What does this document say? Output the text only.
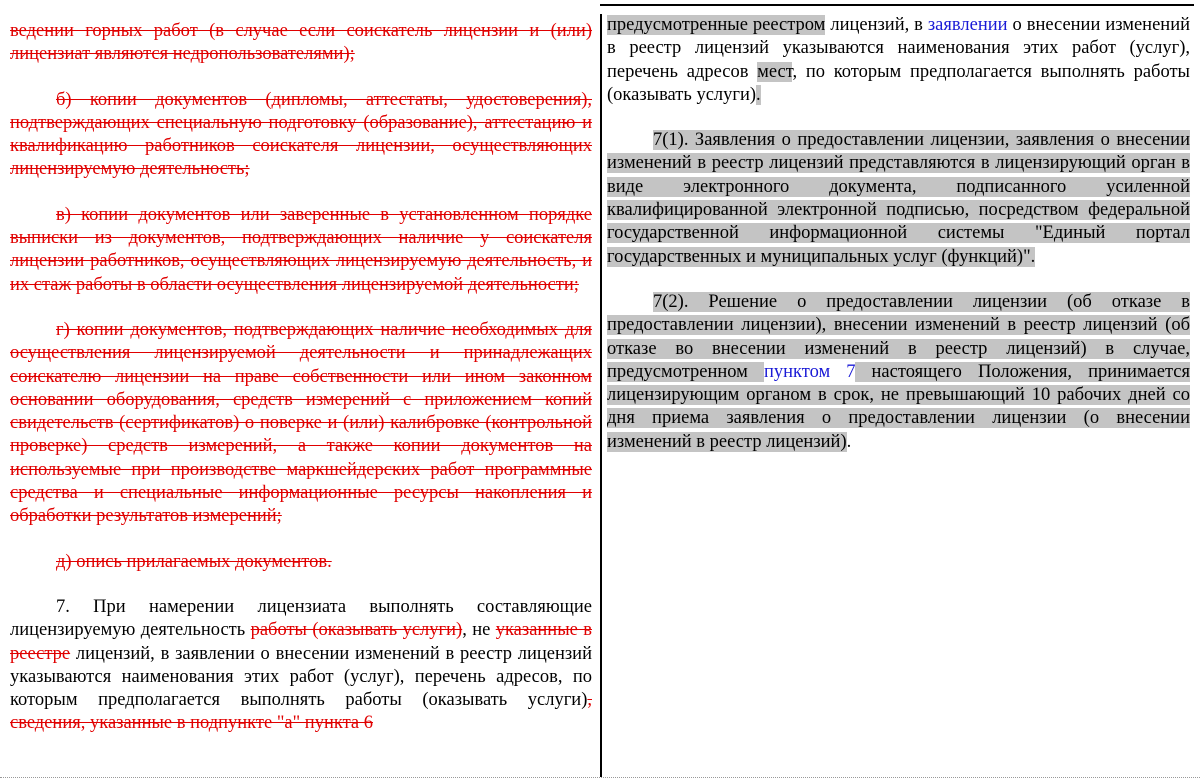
ведении горных работ (в случае если соискатель лицензии и (или) лицензиат являются недропользователями);

б) копии документов (дипломы, аттестаты, удостоверения), подтверждающих специальную подготовку (образование), аттестацию и квалификацию работников соискателя лицензии, осуществляющих лицензируемую деятельность;

в) копии документов или заверенные в установленном порядке выписки из документов, подтверждающих наличие у соискателя лицензии работников, осуществляющих лицензируемую деятельность, и их стаж работы в области осуществления лицензируемой деятельности;

г) копии документов, подтверждающих наличие необходимых для осуществления лицензируемой деятельности и принадлежащих соискателю лицензии на праве собственности или ином законном основании оборудования, средств измерений с приложением копий свидетельств (сертификатов) о поверке и (или) калибровке (контрольной проверке) средств измерений, а также копии документов на используемые при производстве маркшейдерских работ программные средства и специальные информационные ресурсы накопления и обработки результатов измерений;

д) опись прилагаемых документов.

7. При намерении лицензиата выполнять составляющие лицензируемую деятельность работы (оказывать услуги), не указанные в реестре лицензий, в заявлении о внесении изменений в реестр лицензий указываются наименования этих работ (услуг), перечень адресов, по которым предполагается выполнять работы (оказывать услуги), сведения, указанные в подпункте "а" пункта 6

предусмотренные реестром лицензий, в заявлении о внесении изменений в реестр лицензий указываются наименования этих работ (услуг), перечень адресов мест, по которым предполагается выполнять работы (оказывать услуги).

7(1). Заявления о предоставлении лицензии, заявления о внесении изменений в реестр лицензий представляются в лицензирующий орган в виде электронного документа, подписанного усиленной квалифицированной электронной подписью, посредством федеральной государственной информационной системы "Единый портал государственных и муниципальных услуг (функций)".

7(2). Решение о предоставлении лицензии (об отказе в предоставлении лицензии), внесении изменений в реестр лицензий (об отказе во внесении изменений в реестр лицензий) в случае, предусмотренном пунктом 7 настоящего Положения, принимается лицензирующим органом в срок, не превышающий 10 рабочих дней со дня приема заявления о предоставлении лицензии (о внесении изменений в реестр лицензий).
